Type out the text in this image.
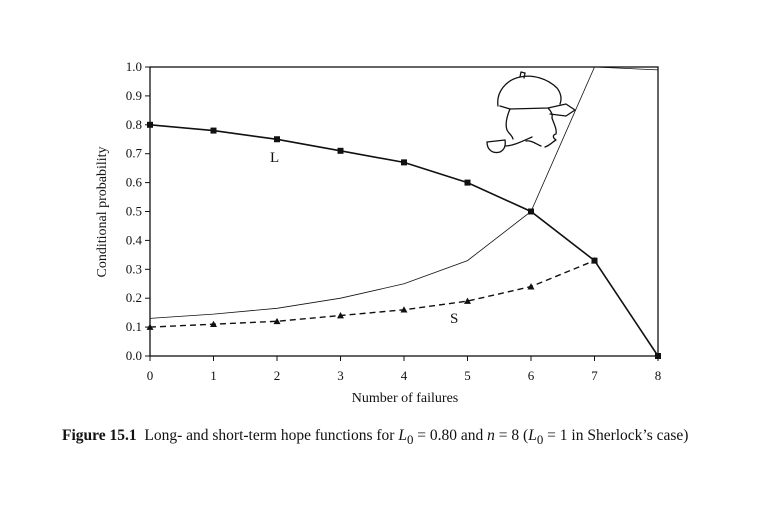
0.0
0.1
0.2
0.3
0.4
0.5
0.6
0.7
0.8
0.9
1.0
0	1	2	3	4	5	6	7	8
Number of failures
Conditional probability	L
S
Figure 15.1 Long- and short-term hope functions for $L_0 = 0.80$ and n = 8 ($L_0 = 1$ in Sherlock’s case)
